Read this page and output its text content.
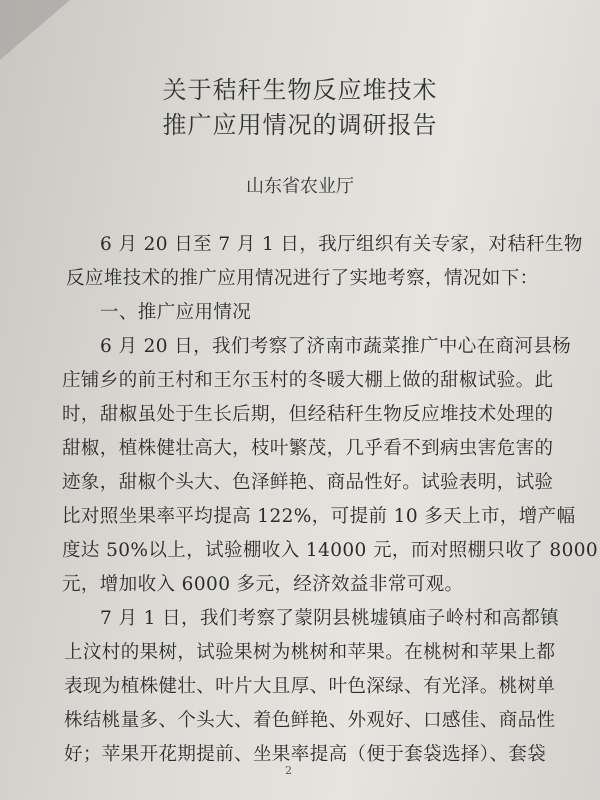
关于秸秆生物反应堆技术
推广应用情况的调研报告
山东省农业厅
6 月 20 日至 7 月 1 日，我厅组织有关专家，对秸秆生物
反应堆技术的推广应用情况进行了实地考察，情况如下：
一、推广应用情况
6 月 20 日，我们考察了济南市蔬菜推广中心在商河县杨
庄铺乡的前王村和王尔玉村的冬暖大棚上做的甜椒试验。此
时，甜椒虽处于生长后期，但经秸秆生物反应堆技术处理的
甜椒，植株健壮高大，枝叶繁茂，几乎看不到病虫害危害的
迹象，甜椒个头大、色泽鲜艳、商品性好。试验表明，试验
比对照坐果率平均提高 122%，可提前 10 多天上市，增产幅
度达 50%以上，试验棚收入 14000 元，而对照棚只收了 8000
元，增加收入 6000 多元，经济效益非常可观。
7 月 1 日，我们考察了蒙阴县桃墟镇庙子岭村和高都镇
上汶村的果树，试验果树为桃树和苹果。在桃树和苹果上都
表现为植株健壮、叶片大且厚、叶色深绿、有光泽。桃树单
株结桃量多、个头大、着色鲜艳、外观好、口感佳、商品性
好；苹果开花期提前、坐果率提高（便于套袋选择）、套袋
2
